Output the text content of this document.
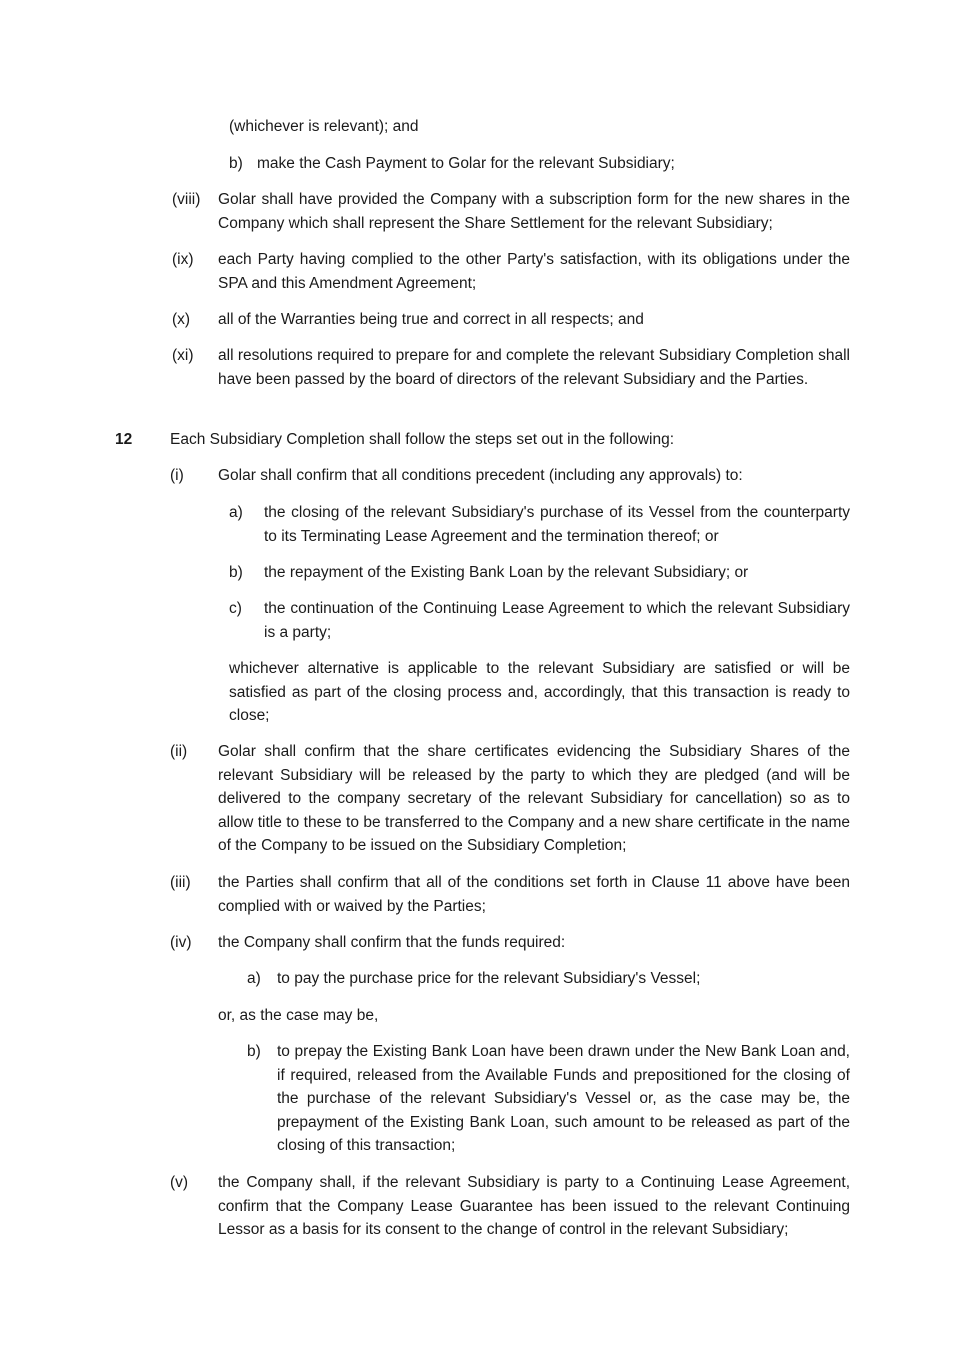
(whichever is relevant); and
b) make the Cash Payment to Golar for the relevant Subsidiary;
(viii) Golar shall have provided the Company with a subscription form for the new shares in the Company which shall represent the Share Settlement for the relevant Subsidiary;
(ix) each Party having complied to the other Party's satisfaction, with its obligations under the SPA and this Amendment Agreement;
(x) all of the Warranties being true and correct in all respects; and
(xi) all resolutions required to prepare for and complete the relevant Subsidiary Completion shall have been passed by the board of directors of the relevant Subsidiary and the Parties.
12 Each Subsidiary Completion shall follow the steps set out in the following:
(i) Golar shall confirm that all conditions precedent (including any approvals) to:
a) the closing of the relevant Subsidiary's purchase of its Vessel from the counterparty to its Terminating Lease Agreement and the termination thereof; or
b) the repayment of the Existing Bank Loan by the relevant Subsidiary; or
c) the continuation of the Continuing Lease Agreement to which the relevant Subsidiary is a party;
whichever alternative is applicable to the relevant Subsidiary are satisfied or will be satisfied as part of the closing process and, accordingly, that this transaction is ready to close;
(ii) Golar shall confirm that the share certificates evidencing the Subsidiary Shares of the relevant Subsidiary will be released by the party to which they are pledged (and will be delivered to the company secretary of the relevant Subsidiary for cancellation) so as to allow title to these to be transferred to the Company and a new share certificate in the name of the Company to be issued on the Subsidiary Completion;
(iii) the Parties shall confirm that all of the conditions set forth in Clause 11 above have been complied with or waived by the Parties;
(iv) the Company shall confirm that the funds required:
a) to pay the purchase price for the relevant Subsidiary's Vessel;
or, as the case may be,
b) to prepay the Existing Bank Loan have been drawn under the New Bank Loan and, if required, released from the Available Funds and prepositioned for the closing of the purchase of the relevant Subsidiary's Vessel or, as the case may be, the prepayment of the Existing Bank Loan, such amount to be released as part of the closing of this transaction;
(v) the Company shall, if the relevant Subsidiary is party to a Continuing Lease Agreement, confirm that the Company Lease Guarantee has been issued to the relevant Continuing Lessor as a basis for its consent to the change of control in the relevant Subsidiary;
